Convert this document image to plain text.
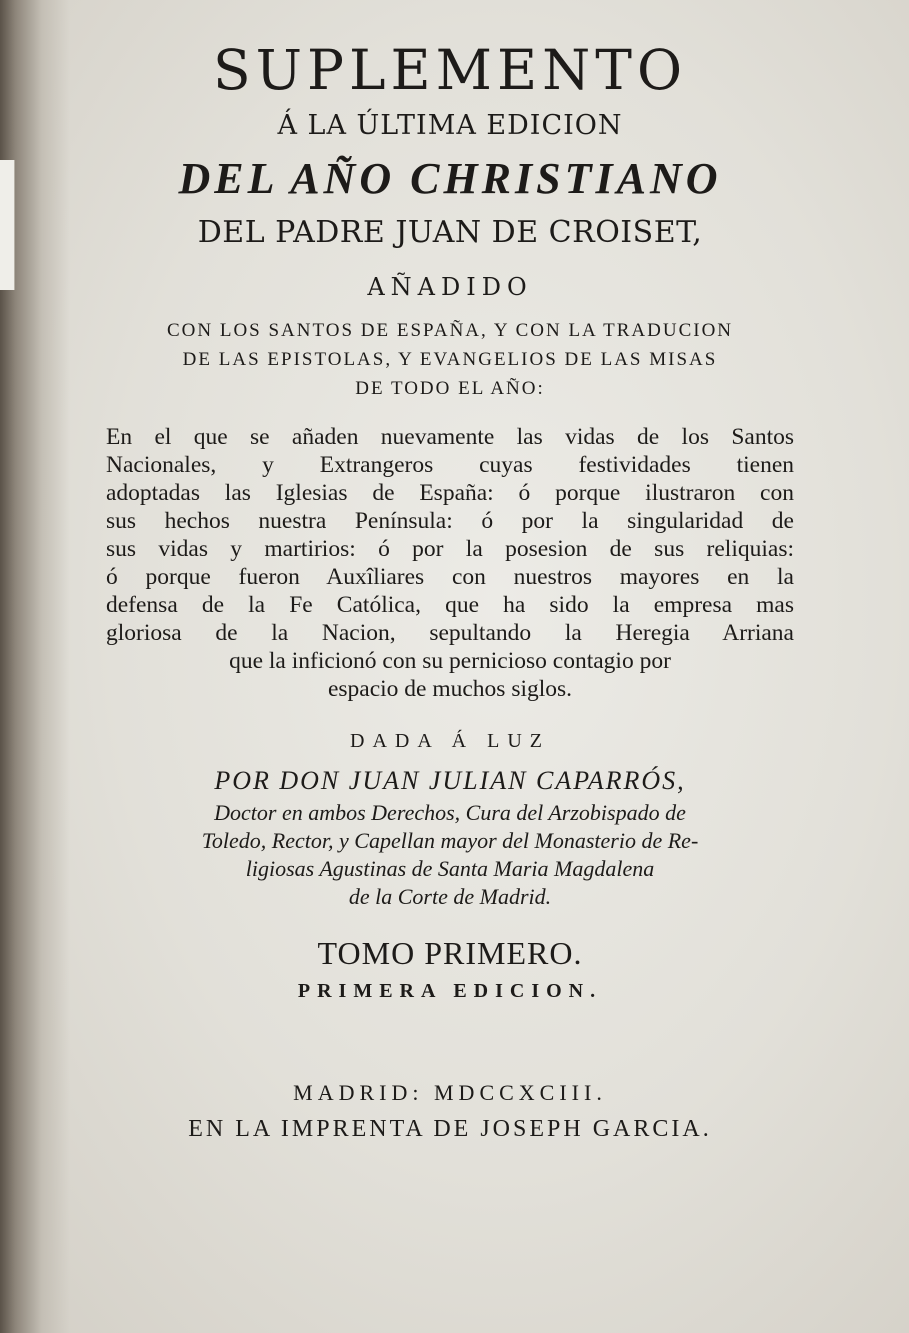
SUPLEMENTO
Á LA ÚLTIMA EDICION
DEL AÑO CHRISTIANO
DEL PADRE JUAN DE CROISET,
AÑADIDO
CON LOS SANTOS DE ESPAÑA, Y CON LA TRADUCION
DE LAS EPISTOLAS, Y EVANGELIOS DE LAS MISAS
DE TODO EL AÑO:
En el que se añaden nuevamente las vidas de los Santos
Nacionales, y Extrangeros cuyas festividades tienen
adoptadas las Iglesias de España: ó porque ilustraron con
sus hechos nuestra Península: ó por la singularidad de
sus vidas y martirios: ó por la posesion de sus reliquias:
ó porque fueron Auxîliares con nuestros mayores en la
defensa de la Fe Católica, que ha sido la empresa mas
gloriosa de la Nacion, sepultando la Heregia Arriana
que la inficionó con su pernicioso contagio por
espacio de muchos siglos.
DADA Á LUZ
POR DON JUAN JULIAN CAPARRÓS,
Doctor en ambos Derechos, Cura del Arzobispado de
Toledo, Rector, y Capellan mayor del Monasterio de Re-
ligiosas Agustinas de Santa Maria Magdalena
de la Corte de Madrid.
TOMO PRIMERO.
PRIMERA EDICION.
MADRID: MDCCXCIII.
EN LA IMPRENTA DE JOSEPH GARCIA.
